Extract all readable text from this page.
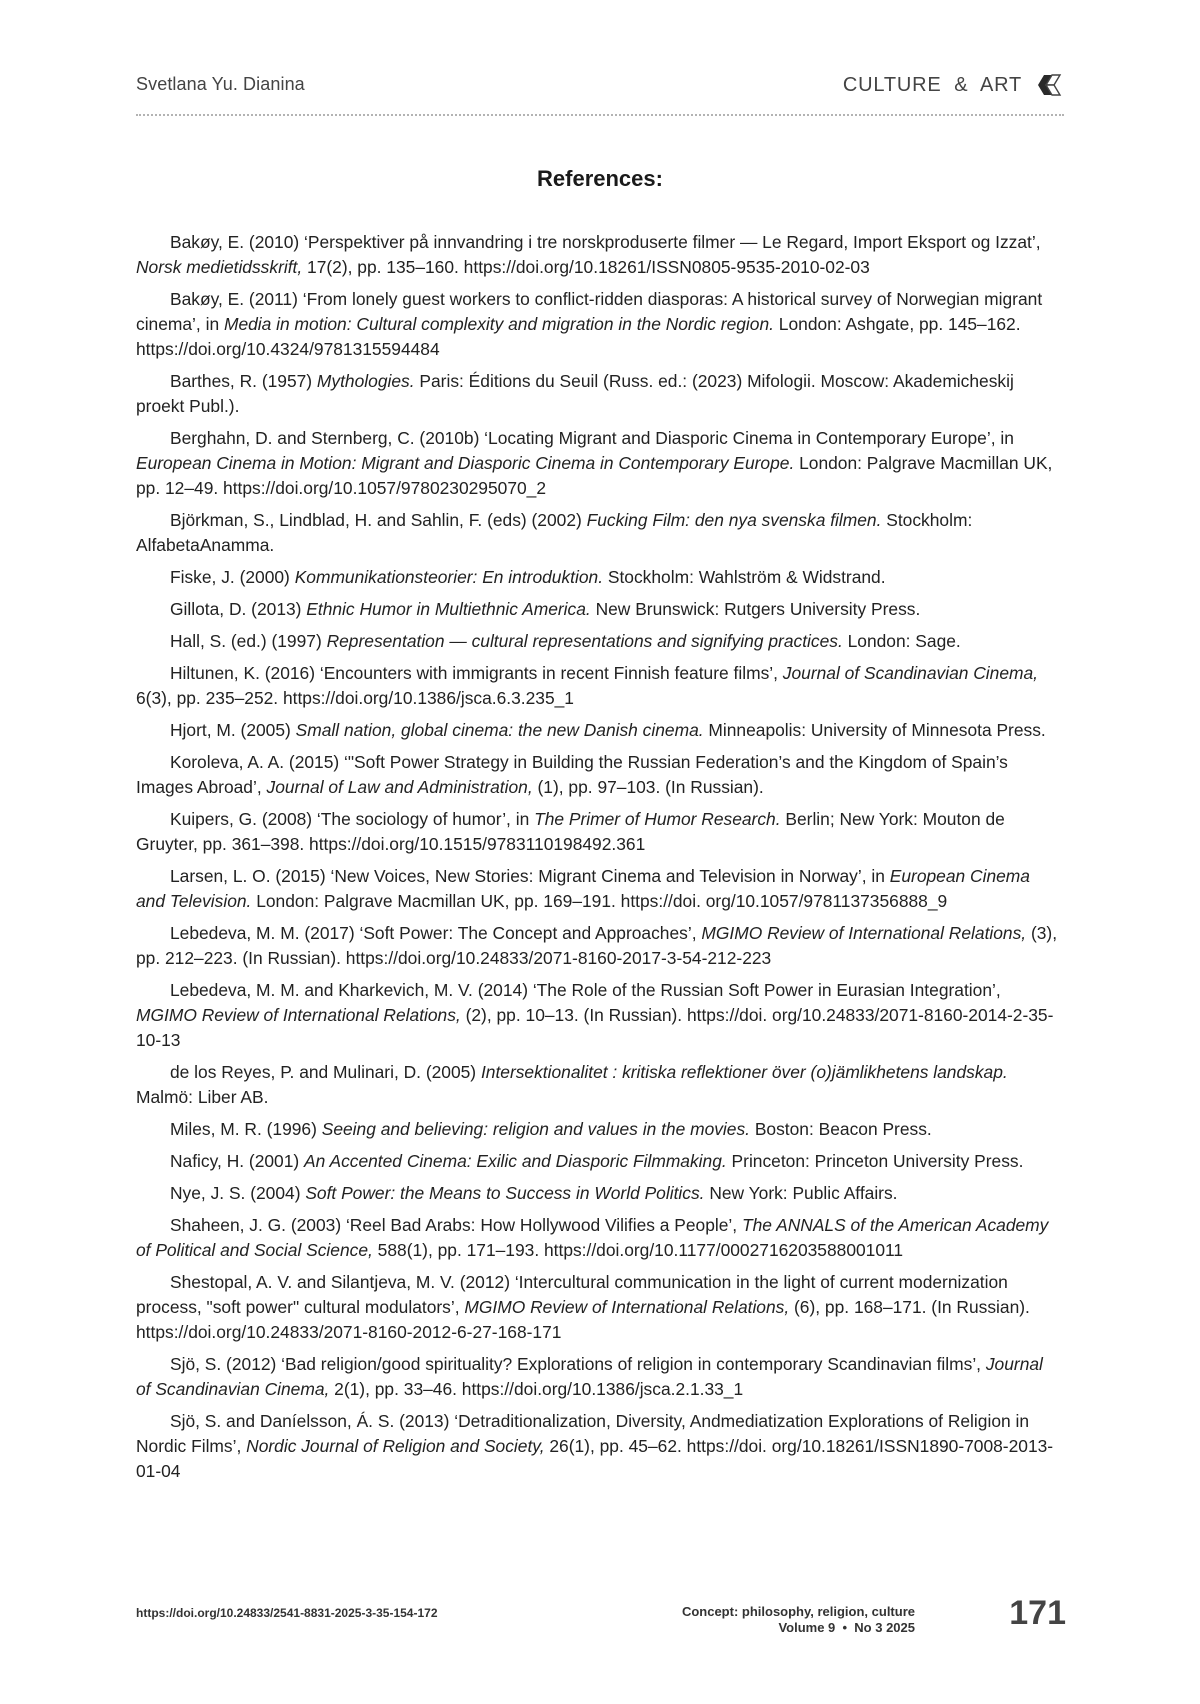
Svetlana Yu. Dianina	CULTURE  &  ART
References:

Bakøy, E. (2010) ‘Perspektiver på innvandring i tre norskproduserte filmer — Le Regard, Import Eksport og Izzat’, Norsk medietidsskrift, 17(2), pp. 135–160. https://doi.org/10.18261/ISSN0805-9535-2010-02-03

Bakøy, E. (2011) ‘From lonely guest workers to conflict-ridden diasporas: A historical survey of Norwegian migrant cinema’, in Media in motion: Cultural complexity and migration in the Nordic region. London: Ashgate, pp. 145–162. https://doi.org/10.4324/9781315594484

Barthes, R. (1957) Mythologies. Paris: Éditions du Seuil (Russ. ed.: (2023) Mifologii. Moscow: Akademicheskij proekt Publ.).

Berghahn, D. and Sternberg, C. (2010b) ‘Locating Migrant and Diasporic Cinema in Contemporary Europe’, in European Cinema in Motion: Migrant and Diasporic Cinema in Contemporary Europe. London: Palgrave Macmillan UK, pp. 12–49. https://doi.org/10.1057/9780230295070_2

Björkman, S., Lindblad, H. and Sahlin, F. (eds) (2002) Fucking Film: den nya svenska filmen. Stockholm: AlfabetaAnamma.

Fiske, J. (2000) Kommunikationsteorier: En introduktion. Stockholm: Wahlström & Widstrand.

Gillota, D. (2013) Ethnic Humor in Multiethnic America. New Brunswick: Rutgers University Press.

Hall, S. (ed.) (1997) Representation — cultural representations and signifying practices. London: Sage.

Hiltunen, K. (2016) ‘Encounters with immigrants in recent Finnish feature films’, Journal of Scandinavian Cinema, 6(3), pp. 235–252. https://doi.org/10.1386/jsca.6.3.235_1

Hjort, M. (2005) Small nation, global cinema: the new Danish cinema. Minneapolis: University of Minnesota Press.

Koroleva, A. A. (2015) ‘"Soft Power Strategy in Building the Russian Federation’s and the Kingdom of Spain’s Images Abroad’, Journal of Law and Administration, (1), pp. 97–103. (In Russian).

Kuipers, G. (2008) ‘The sociology of humor’, in The Primer of Humor Research. Berlin; New York: Mouton de Gruyter, pp. 361–398. https://doi.org/10.1515/9783110198492.361

Larsen, L. O. (2015) ‘New Voices, New Stories: Migrant Cinema and Television in Norway’, in European Cinema and Television. London: Palgrave Macmillan UK, pp. 169–191. https://doi. org/10.1057/9781137356888_9

Lebedeva, M. M. (2017) ‘Soft Power: The Concept and Approaches’, MGIMO Review of International Relations, (3), pp. 212–223. (In Russian). https://doi.org/10.24833/2071-8160-2017-3-54-212-223

Lebedeva, M. M. and Kharkevich, M. V. (2014) ‘The Role of the Russian Soft Power in Eurasian Integration’, MGIMO Review of International Relations, (2), pp. 10–13. (In Russian). https://doi. org/10.24833/2071-8160-2014-2-35-10-13

de los Reyes, P. and Mulinari, D. (2005) Intersektionalitet : kritiska reflektioner över (o)jämlikhetens landskap. Malmö: Liber AB.

Miles, M. R. (1996) Seeing and believing: religion and values in the movies. Boston: Beacon Press.

Naficy, H. (2001) An Accented Cinema: Exilic and Diasporic Filmmaking. Princeton: Princeton University Press.

Nye, J. S. (2004) Soft Power: the Means to Success in World Politics. New York: Public Affairs.

Shaheen, J. G. (2003) ‘Reel Bad Arabs: How Hollywood Vilifies a People’, The ANNALS of the American Academy of Political and Social Science, 588(1), pp. 171–193. https://doi.org/10.1177/000271620358800​1011

Shestopal, A. V. and Silantjeva, M. V. (2012) ‘Intercultural communication in the light of current modernization process, "soft power" cultural modulators’, MGIMO Review of International Relations, (6), pp. 168–171. (In Russian). https://doi.org/10.24833/2071-8160-2012-6-27-168-171

Sjö, S. (2012) ‘Bad religion/good spirituality? Explorations of religion in contemporary Scandinavian films’, Journal of Scandinavian Cinema, 2(1), pp. 33–46. https://doi.org/10.1386/jsca.2.1.33_1

Sjö, S. and Daníelsson, Á. S. (2013) ‘Detraditionalization, Diversity, Andmediatization Explorations of Religion in Nordic Films’, Nordic Journal of Religion and Society, 26(1), pp. 45–62. https://doi. org/10.18261/ISSN1890-7008-2013-01-04

https://doi.org/10.24833/2541-8831-2025-3-35-154-172	Concept: philosophy, religion, culture
Volume 9  •  No 3 2025	171
